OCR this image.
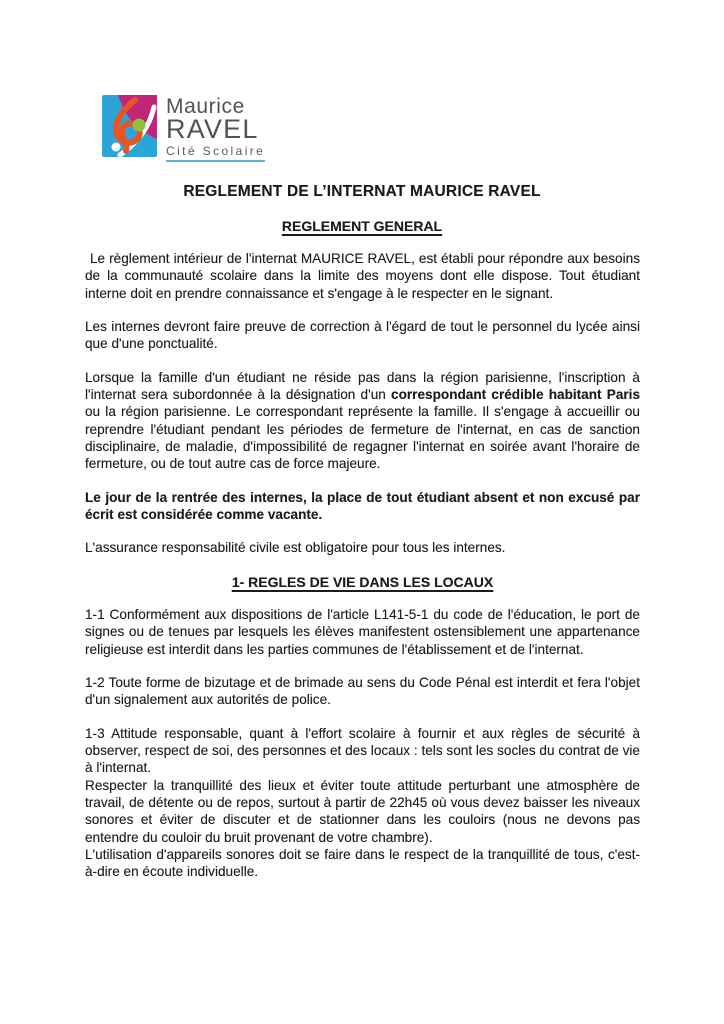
Maurice
RAVEL
Cité Scolaire
REGLEMENT DE L’INTERNAT MAURICE RAVEL
REGLEMENT GENERAL

Le règlement intérieur de l'internat MAURICE RAVEL, est établi pour répondre aux besoins de la communauté scolaire dans la limite des moyens dont elle dispose. Tout étudiant interne doit en prendre connaissance et s'engage à le respecter en le signant.

Les internes devront faire preuve de correction à l'égard de tout le personnel du lycée ainsi que d'une ponctualité.

Lorsque la famille d'un étudiant ne réside pas dans la région parisienne, l'inscription à l'internat sera subordonnée à la désignation d'un correspondant crédible habitant Paris ou la région parisienne. Le correspondant représente la famille. Il s'engage à accueillir ou reprendre l'étudiant pendant les périodes de fermeture de l'internat, en cas de sanction disciplinaire, de maladie, d'impossibilité de regagner l'internat en soirée avant l'horaire de fermeture, ou de tout autre cas de force majeure.

Le jour de la rentrée des internes, la place de tout étudiant absent et non excusé par écrit est considérée comme vacante.

L'assurance responsabilité civile est obligatoire pour tous les internes.

1- REGLES DE VIE DANS LES LOCAUX

1-1 Conformément aux dispositions de l'article L141-5-1 du code de l'éducation, le port de signes ou de tenues par lesquels les élèves manifestent ostensiblement une appartenance religieuse est interdit dans les parties communes de l'établissement et de l'internat.

1-2 Toute forme de bizutage et de brimade au sens du Code Pénal est interdit et fera l'objet d'un signalement aux autorités de police.

1-3 Attitude responsable, quant à l'effort scolaire à fournir et aux règles de sécurité à observer, respect de soi, des personnes et des locaux : tels sont les socles du contrat de vie à l'internat.

Respecter la tranquillité des lieux et éviter toute attitude perturbant une atmosphère de travail, de détente ou de repos, surtout à partir de 22h45 où vous devez baisser les niveaux sonores et éviter de discuter et de stationner dans les couloirs (nous ne devons pas entendre du couloir du bruit provenant de votre chambre).

L'utilisation d'appareils sonores doit se faire dans le respect de la tranquillité de tous, c'est-à-dire en écoute individuelle.
